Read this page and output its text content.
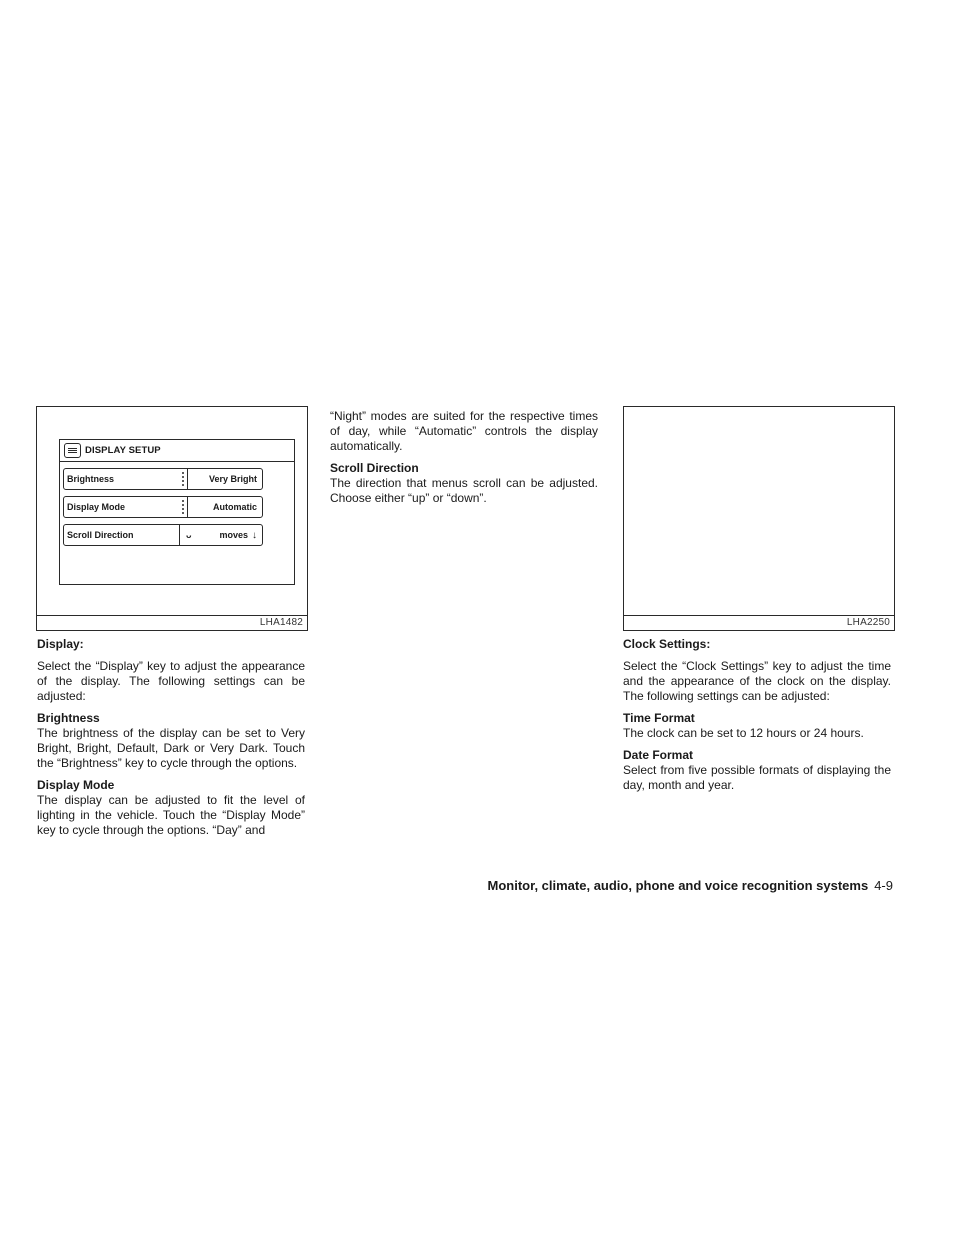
DISPLAY SETUP
Brightness	Very Bright
Display Mode	Automatic
Scroll Direction	ᴗ	moves ↓
LHA1482	LHA2250

Display:

Select the “Display” key to adjust the appearance of the display. The following settings can be adjusted:

Brightness

The brightness of the display can be set to Very Bright, Bright, Default, Dark or Very Dark. Touch the “Brightness” key to cycle through the options.

Display Mode

The display can be adjusted to fit the level of lighting in the vehicle. Touch the “Display Mode” key to cycle through the options. “Day” and

“Night” modes are suited for the respective times of day, while “Automatic” controls the display automatically.

Scroll Direction

The direction that menus scroll can be adjusted. Choose either “up” or “down”.

Clock Settings:

Select the “Clock Settings” key to adjust the time and the appearance of the clock on the display. The following settings can be adjusted:

Time Format

The clock can be set to 12 hours or 24 hours.

Date Format

Select from five possible formats of displaying the day, month and year.

Monitor, climate, audio, phone and voice recognition systems 4-9
